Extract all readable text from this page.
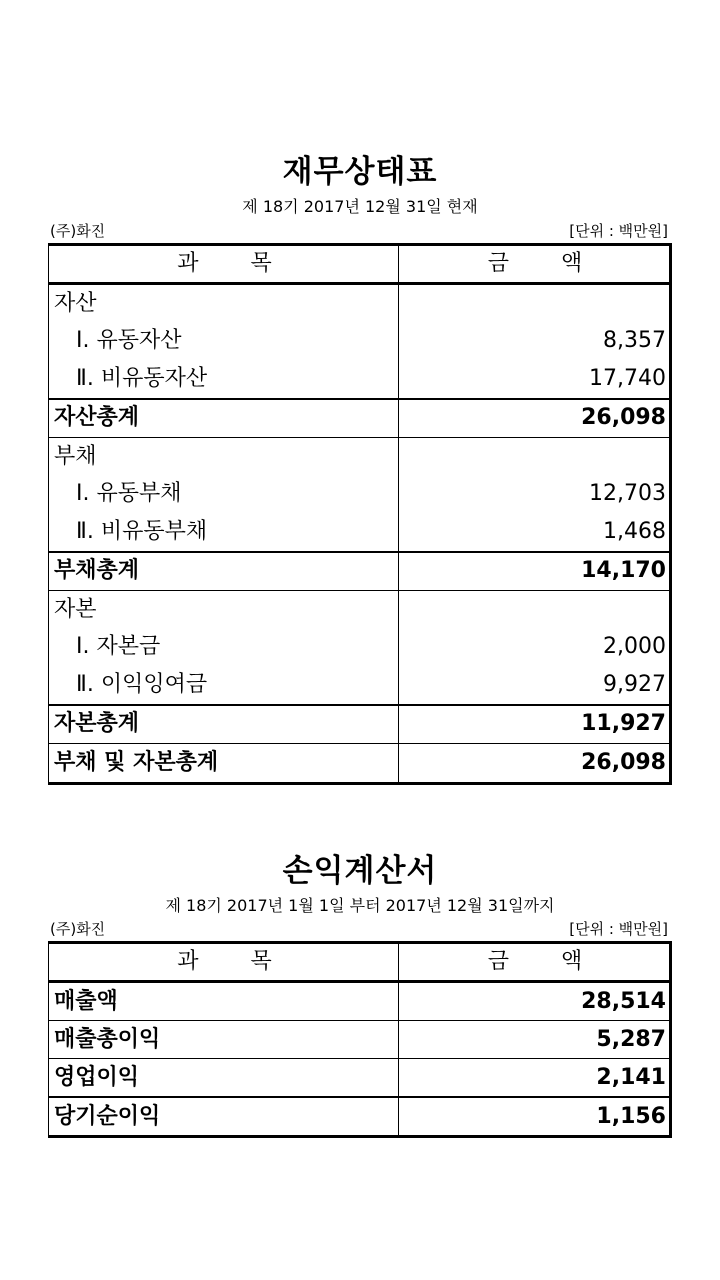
재무상태표
제 18기 2017년 12월 31일 현재
(주)화진	[단위 : 백만원]
과 목	금 액
자산	
Ⅰ. 유동자산	8,357
Ⅱ. 비유동자산	17,740
자산총계	26,098
부채	
Ⅰ. 유동부채	12,703
Ⅱ. 비유동부채	1,468
부채총계	14,170
자본	
Ⅰ. 자본금	2,000
Ⅱ. 이익잉여금	9,927
자본총계	11,927
부채 및 자본총계	26,098
손익계산서
제 18기 2017년 1월 1일 부터 2017년 12월 31일까지
(주)화진	[단위 : 백만원]
과 목	금 액
매출액	28,514
매출총이익	5,287
영업이익	2,141
당기순이익	1,156
